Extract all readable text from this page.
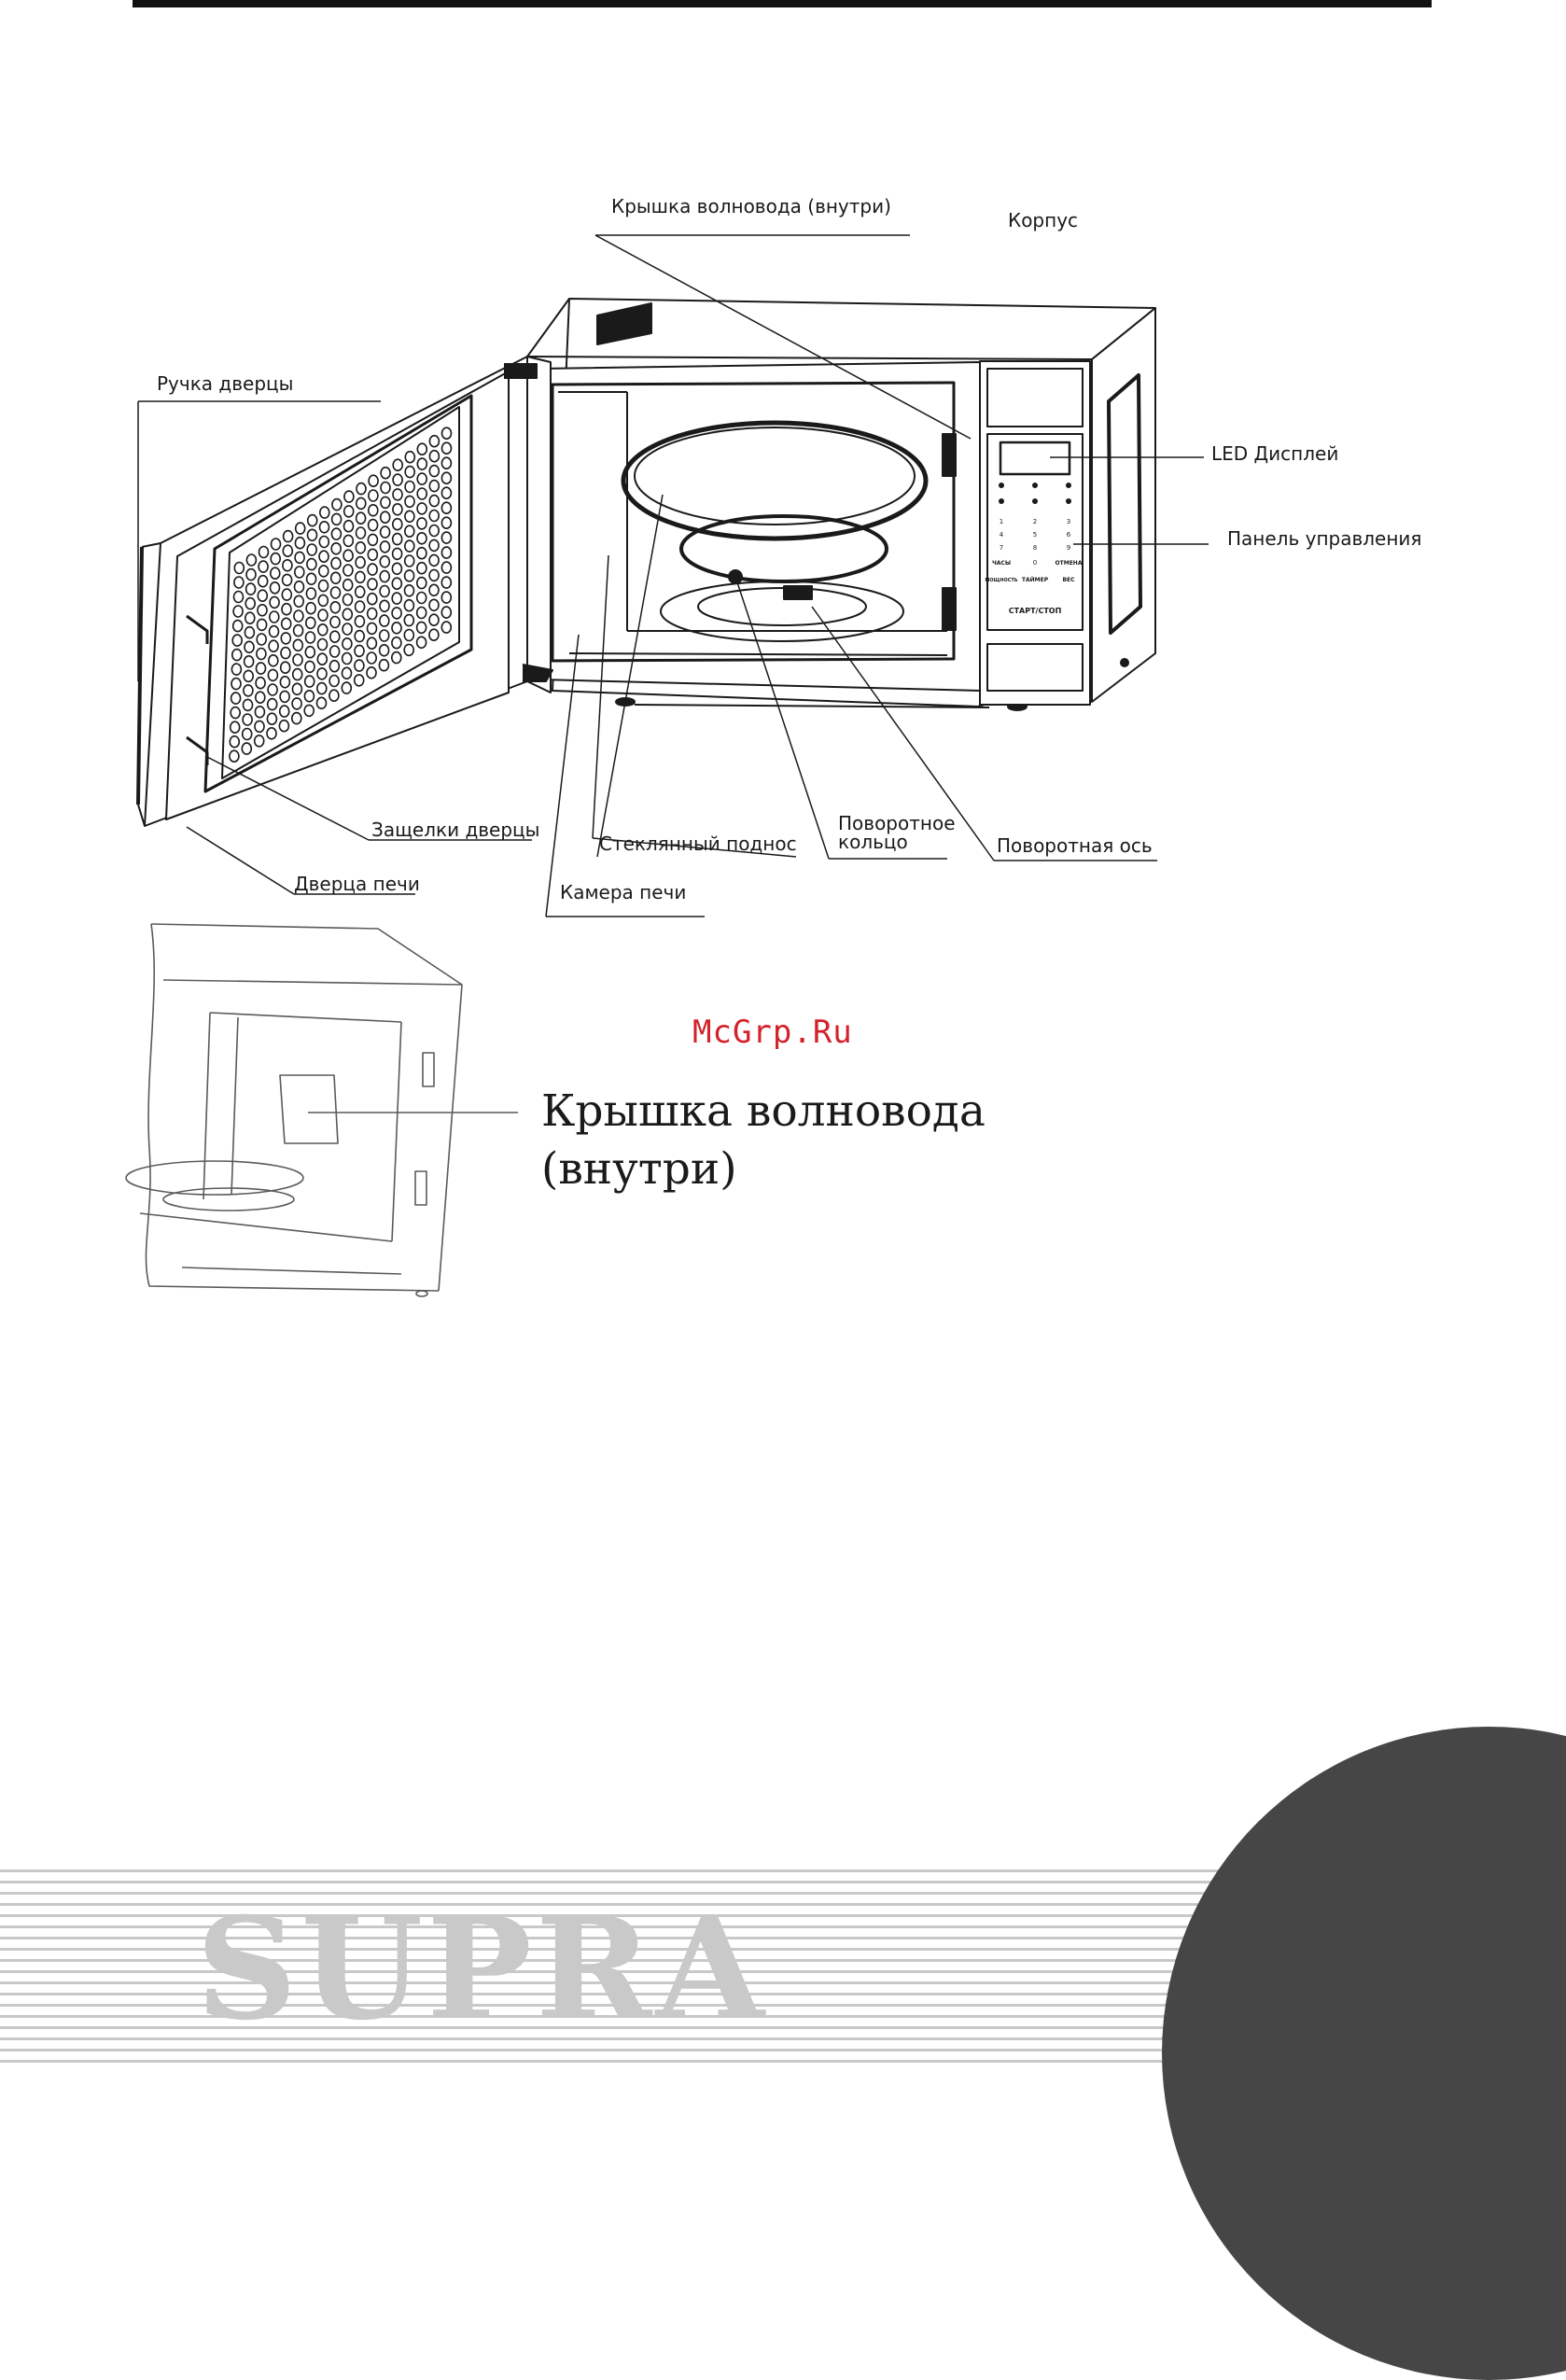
1	2	3
4	5	6
7	8	9
ЧАСЫ	0	ОТМЕНА
МОЩНОСТЬ ТАЙМЕР	ВЕС
СТАРТ/СТОП
Крышка волновода (внутри)
Корпус
Ручка дверцы
LED Дисплей
Панель управления
Защелки дверцы
Стеклянный поднос
Поворотное
кольцо	Поворотная ось
Дверца печи	Камера печи
McGrp.Ru
Крышка волновода
(внутри)
SUPRA
